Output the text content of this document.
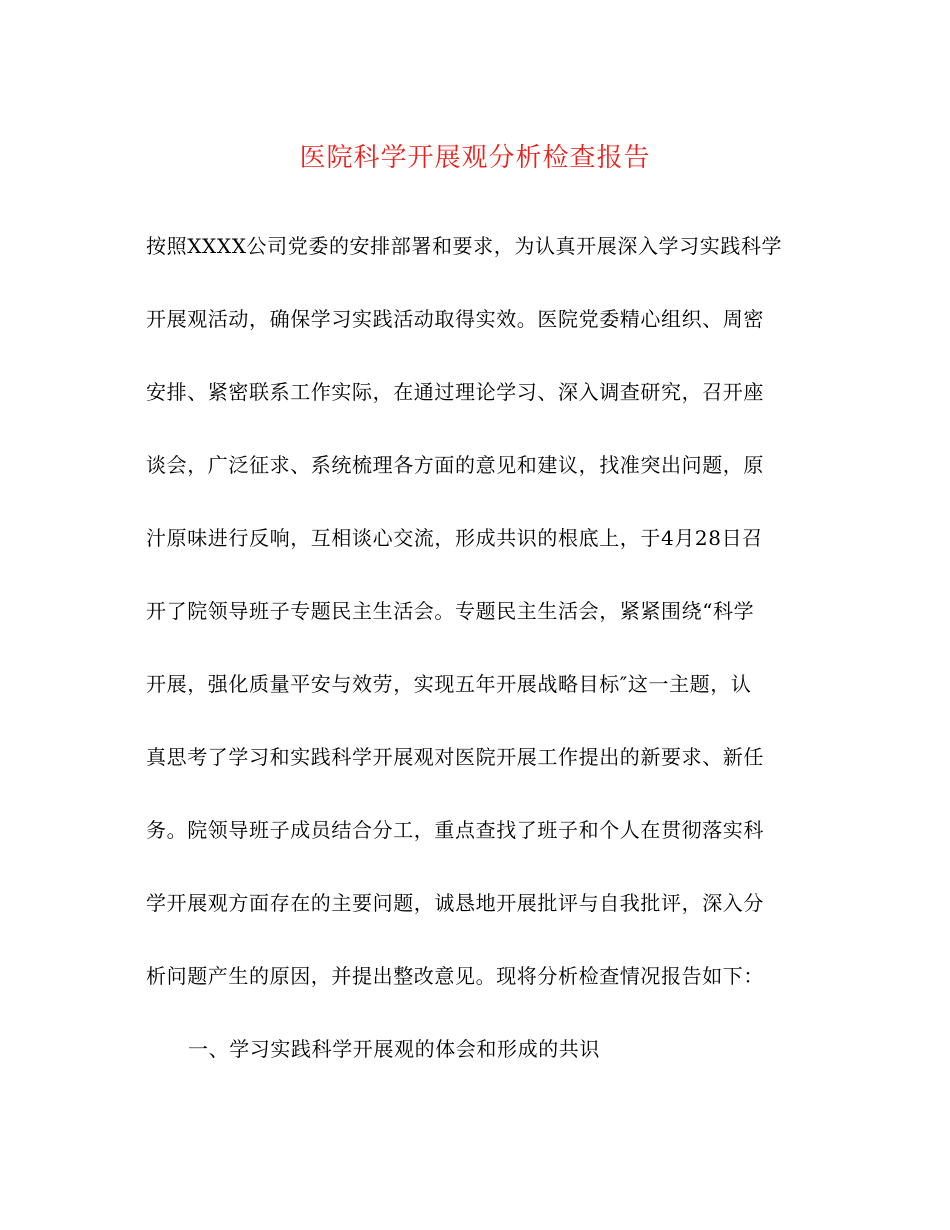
医院科学开展观分析检查报告
按照XXXX公司党委的安排部署和要求，为认真开展深入学习实践科学
开展观活动，确保学习实践活动取得实效。医院党委精心组织、周密
安排、紧密联系工作实际，在通过理论学习、深入调查研究，召开座
谈会，广泛征求、系统梳理各方面的意见和建议，找准突出问题，原
汁原味进行反响，互相谈心交流，形成共识的根底上，于4月28日召
开了院领导班子专题民主生活会。专题民主生活会，紧紧围绕“科学
开展，强化质量平安与效劳，实现五年开展战略目标″这一主题，认
真思考了学习和实践科学开展观对医院开展工作提出的新要求、新任
务。院领导班子成员结合分工，重点查找了班子和个人在贯彻落实科
学开展观方面存在的主要问题，诚恳地开展批评与自我批评，深入分
析问题产生的原因，并提出整改意见。现将分析检查情况报告如下：
一、学习实践科学开展观的体会和形成的共识
